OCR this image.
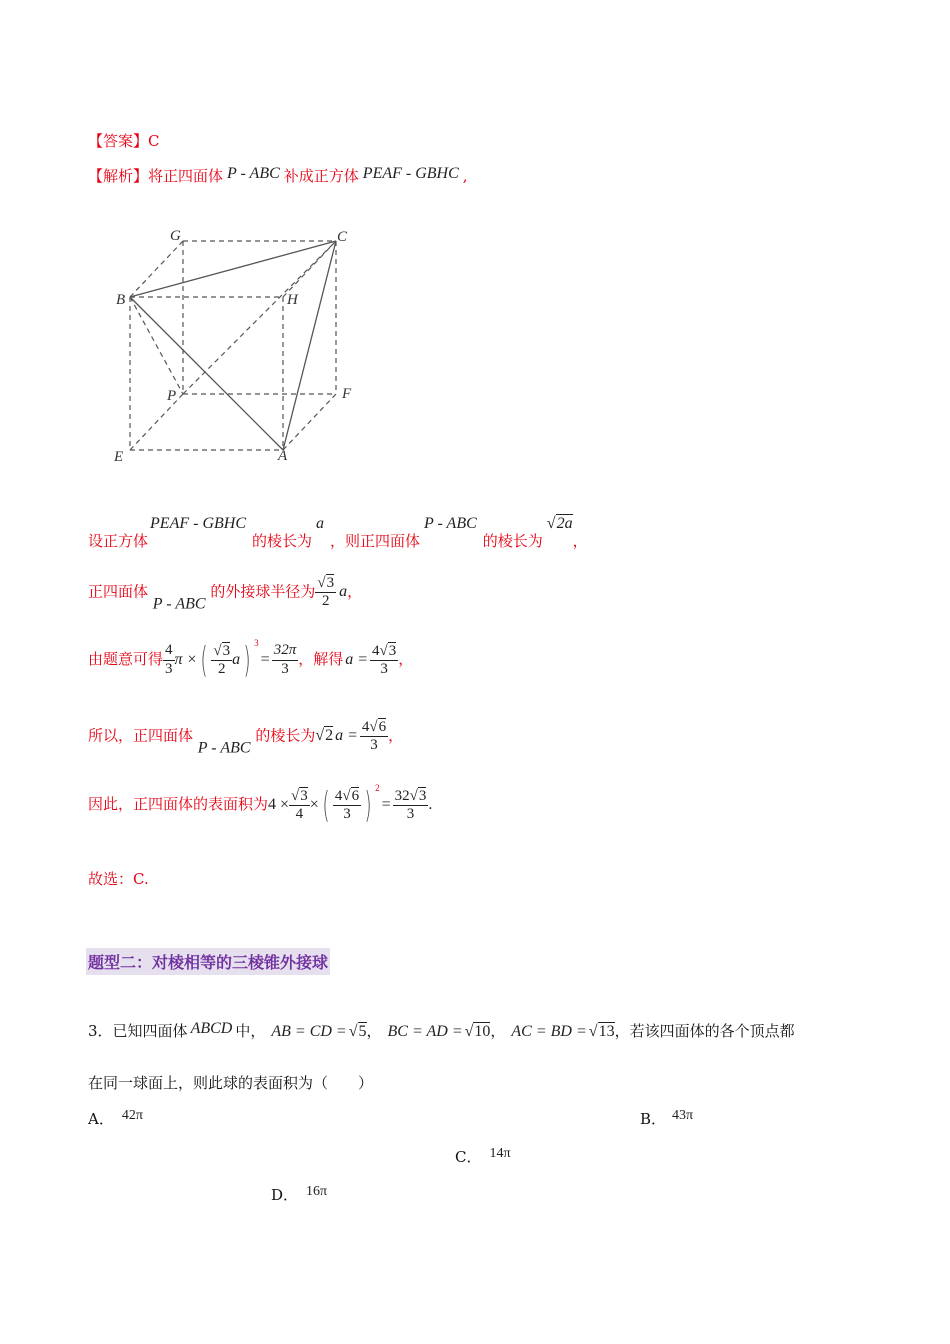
【答案】C
【解析】将正四面体 P - ABC 补成正方体 PEAF - GBHC ,
G	C
B	H
P	F
E	A
设正方体PEAF - GBHC的棱长为a，则正四面体P - ABC的棱长为√2a，
正四面体 P - ABC 的外接球半径为 $\frac{√3}{2}$ a，
由题意可得 $\frac{4}{3}$ π ×( $\frac{√3}{2} a$) $^3= \frac{32\pi}{3}$ ，解得 $a = \frac{4√3}{3}$ ，
所以，正四面体 P - ABC 的棱长为√2 $a = \frac{4√6}{3}$ ，
因此，正四面体的表面积为$4 \times \frac{√3}{4}$ ×( $\frac{4√6}{3}$ ) $^2= \frac{32√3}{3}$ .
故选：C.
题型二：对棱相等的三棱锥外接球
3．已知四面体 ABCD 中， AB = CD = √5， BC = AD = √10， AC = BD = √13，若该四面体的各个顶点都
在同一球面上，则此球的表面积为（　　）
A． 42π	B． 43π
C． 14π
D． 16π
